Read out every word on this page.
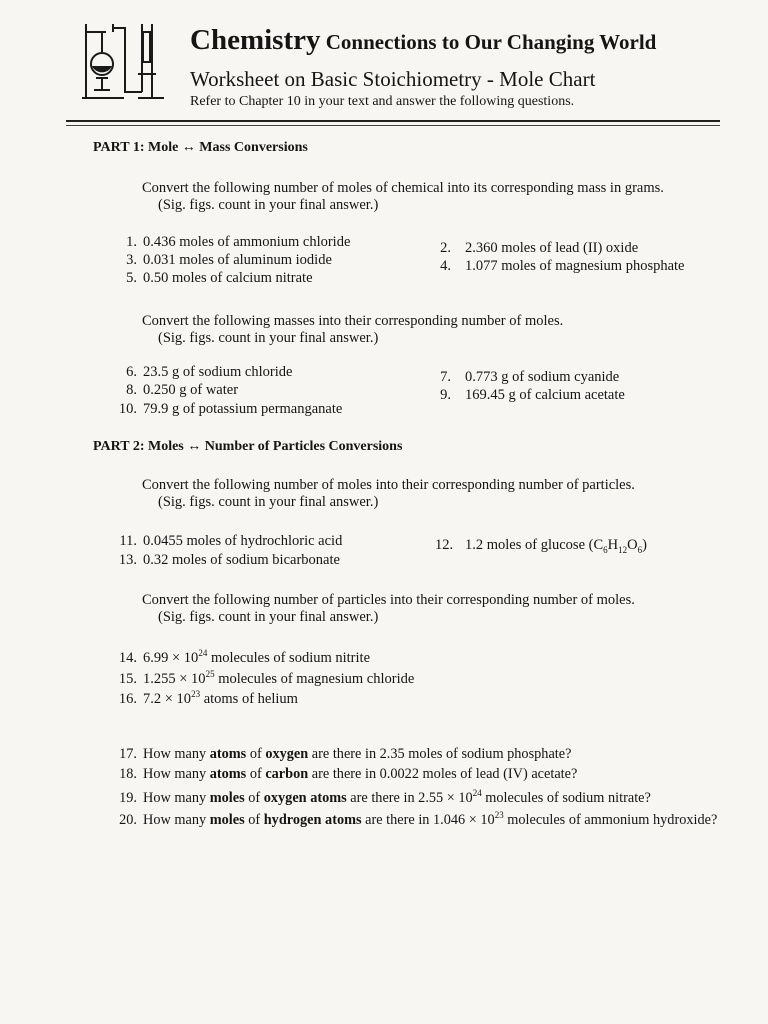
Chemistry Connections to Our Changing World
Worksheet on Basic Stoichiometry - Mole Chart
Refer to Chapter 10 in your text and answer the following questions.
PART 1: Mole ↔ Mass Conversions
Convert the following number of moles of chemical into its corresponding mass in grams.
(Sig. figs. count in your final answer.)
1. 0.436 moles of ammonium chloride
3. 0.031 moles of aluminum iodide
5. 0.50 moles of calcium nitrate
2. 2.360 moles of lead (II) oxide
4. 1.077 moles of magnesium phosphate
Convert the following masses into their corresponding number of moles.
(Sig. figs. count in your final answer.)
6. 23.5 g of sodium chloride
8. 0.250 g of water
10. 79.9 g of potassium permanganate
7. 0.773 g of sodium cyanide
9. 169.45 g of calcium acetate
PART 2: Moles ↔ Number of Particles Conversions
Convert the following number of moles into their corresponding number of particles.
(Sig. figs. count in your final answer.)
11. 0.0455 moles of hydrochloric acid
13. 0.32 moles of sodium bicarbonate
12. 1.2 moles of glucose $(C_6H_{12}O_6)$
Convert the following number of particles into their corresponding number of moles.
(Sig. figs. count in your final answer.)
14. $6.99 \times 10^{24}$ molecules of sodium nitrite
15. $1.255 \times 10^{25}$ molecules of magnesium chloride
16. $7.2 \times 10^{23}$ atoms of helium
17. How many atoms of oxygen are there in 2.35 moles of sodium phosphate?
18. How many atoms of carbon are there in 0.0022 moles of lead (IV) acetate?
19. How many moles of oxygen atoms are there in $2.55 \times 10^{24}$ molecules of sodium nitrate?
20. How many moles of hydrogen atoms are there in $1.046 \times 10^{23}$ molecules of ammonium hydroxide?
